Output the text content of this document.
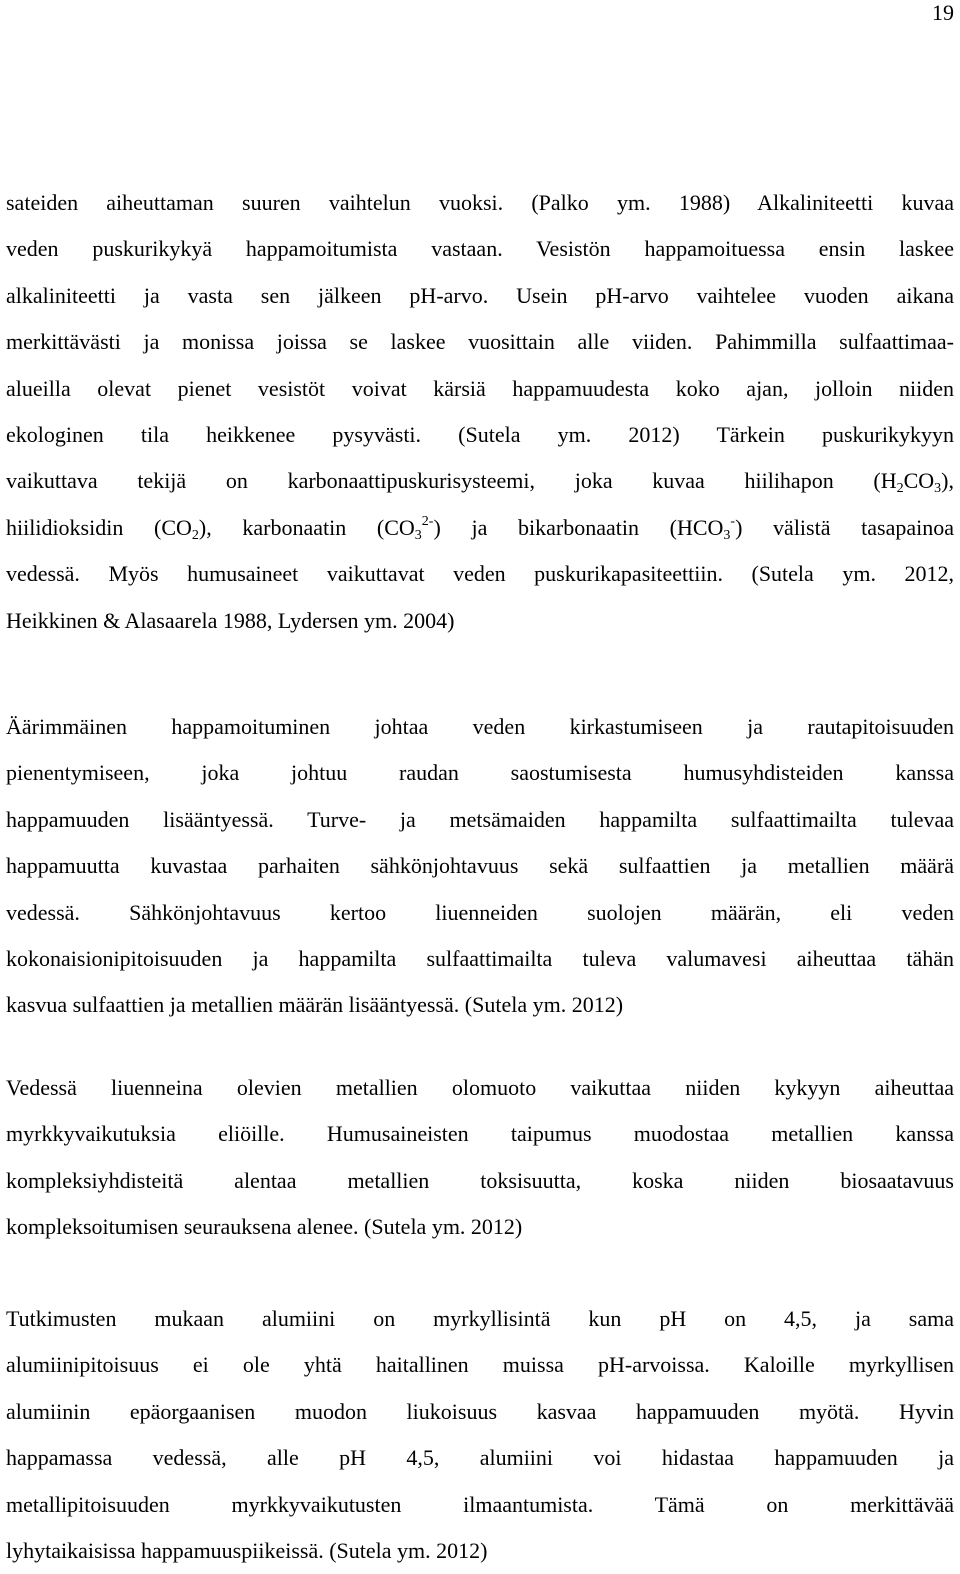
19
sateiden aiheuttaman suuren vaihtelun vuoksi. (Palko ym. 1988) Alkaliniteetti kuvaa
veden puskurikykyä happamoitumista vastaan. Vesistön happamoituessa ensin laskee
alkaliniteetti ja vasta sen jälkeen pH-arvo. Usein pH-arvo vaihtelee vuoden aikana
merkittävästi ja monissa joissa se laskee vuosittain alle viiden. Pahimmilla sulfaattimaa-
alueilla olevat pienet vesistöt voivat kärsiä happamuudesta koko ajan, jolloin niiden
ekologinen tila heikkenee pysyvästi. (Sutela ym. 2012) Tärkein puskurikykyyn
vaikuttava tekijä on karbonaattipuskurisysteemi, joka kuvaa hiilihapon $(H_2CO_3)$,
hiilidioksidin $(CO_2)$, karbonaatin $(CO_3^{2-})$ ja bikarbonaatin $(HCO_3^-)$ välistä tasapainoa
vedessä. Myös humusaineet vaikuttavat veden puskurikapasiteettiin. (Sutela ym. 2012,
Heikkinen & Alasaarela 1988, Lydersen ym. 2004)
Äärimmäinen happamoituminen johtaa veden kirkastumiseen ja rautapitoisuuden
pienentymiseen, joka johtuu raudan saostumisesta humusyhdisteiden kanssa
happamuuden lisääntyessä. Turve- ja metsämaiden happamilta sulfaattimailta tulevaa
happamuutta kuvastaa parhaiten sähkönjohtavuus sekä sulfaattien ja metallien määrä
vedessä. Sähkönjohtavuus kertoo liuenneiden suolojen määrän, eli veden
kokonaisionipitoisuuden ja happamilta sulfaattimailta tuleva valumavesi aiheuttaa tähän
kasvua sulfaattien ja metallien määrän lisääntyessä. (Sutela ym. 2012)
Vedessä liuenneina olevien metallien olomuoto vaikuttaa niiden kykyyn aiheuttaa
myrkkyvaikutuksia eliöille. Humusaineisten taipumus muodostaa metallien kanssa
kompleksiyhdisteitä alentaa metallien toksisuutta, koska niiden biosaatavuus
kompleksoitumisen seurauksena alenee. (Sutela ym. 2012)
Tutkimusten mukaan alumiini on myrkyllisintä kun pH on 4,5, ja sama
alumiinipitoisuus ei ole yhtä haitallinen muissa pH-arvoissa. Kaloille myrkyllisen
alumiinin epäorgaanisen muodon liukoisuus kasvaa happamuuden myötä. Hyvin
happamassa vedessä, alle pH 4,5, alumiini voi hidastaa happamuuden ja
metallipitoisuuden myrkkyvaikutusten ilmaantumista. Tämä on merkittävää
lyhytaikaisissa happamuuspiikeissä. (Sutela ym. 2012)
